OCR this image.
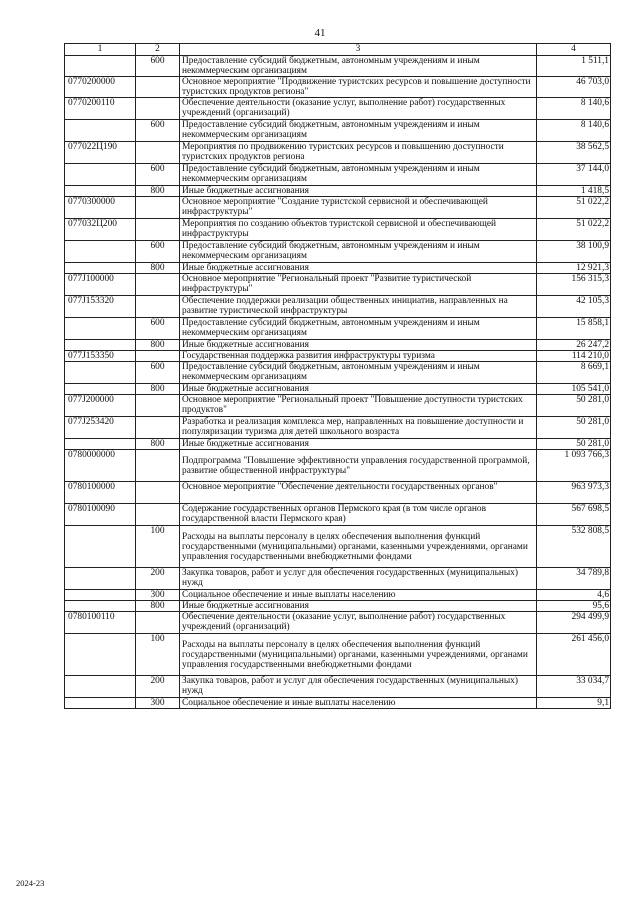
41
1	2	3	4
	600	Предоставление субсидий бюджетным, автономным учреждениям и иным некоммерческим организациям	1 511,1
0770200000		Основное мероприятие "Продвижение туристских ресурсов и повышение доступности туристских продуктов региона"	46 703,0
0770200110		Обеспечение деятельности (оказание услуг, выполнение работ) государственных учреждений (организаций)	8 140,6
	600	Предоставление субсидий бюджетным, автономным учреждениям и иным некоммерческим организациям	8 140,6
077022Ц190		Мероприятия по продвижению туристских ресурсов и повышению доступности туристских продуктов региона	38 562,5
	600	Предоставление субсидий бюджетным, автономным учреждениям и иным некоммерческим организациям	37 144,0
	800	Иные бюджетные ассигнования	1 418,5
0770300000		Основное мероприятие "Создание туристской сервисной и обеспечивающей инфраструктуры"	51 022,2
077032Ц200		Мероприятия по созданию объектов туристской сервисной и обеспечивающей инфраструктуры	51 022,2
	600	Предоставление субсидий бюджетным, автономным учреждениям и иным некоммерческим организациям	38 100,9
	800	Иные бюджетные ассигнования	12 921,3
077J100000		Основное мероприятие "Региональный проект "Развитие туристической инфраструктуры"	156 315,3
077J153320		Обеспечение поддержки реализации общественных инициатив, направленных на развитие туристической инфраструктуры	42 105,3
	600	Предоставление субсидий бюджетным, автономным учреждениям и иным некоммерческим организациям	15 858,1
	800	Иные бюджетные ассигнования	26 247,2
077J153350		Государственная поддержка развития инфраструктуры туризма	114 210,0
	600	Предоставление субсидий бюджетным, автономным учреждениям и иным некоммерческим организациям	8 669,1
	800	Иные бюджетные ассигнования	105 541,0
077J200000		Основное мероприятие "Региональный проект "Повышение доступности туристских продуктов"	50 281,0
077J253420		Разработка и реализация комплекса мер, направленных на повышение доступности и популяризации туризма для детей школьного возраста	50 281,0
	800	Иные бюджетные ассигнования	50 281,0
0780000000		Подпрограмма "Повышение эффективности управления государственной программой, развитие общественной инфраструктуры"	1 093 766,3
0780100000		Основное мероприятие "Обеспечение деятельности государственных органов"	963 973,3
0780100090		Содержание государственных органов Пермского края (в том числе органов государственной власти Пермского края)	567 698,5
	100	Расходы на выплаты персоналу в целях обеспечения выполнения функций государственными (муниципальными) органами, казенными учреждениями, органами управления государственными внебюджетными фондами	532 808,5
	200	Закупка товаров, работ и услуг для обеспечения государственных (муниципальных) нужд	34 789,8
	300	Социальное обеспечение и иные выплаты населению	4,6
	800	Иные бюджетные ассигнования	95,6
0780100110		Обеспечение деятельности (оказание услуг, выполнение работ) государственных учреждений (организаций)	294 499,9
	100	Расходы на выплаты персоналу в целях обеспечения выполнения функций государственными (муниципальными) органами, казенными учреждениями, органами управления государственными внебюджетными фондами	261 456,0
	200	Закупка товаров, работ и услуг для обеспечения государственных (муниципальных) нужд	33 034,7
	300	Социальное обеспечение и иные выплаты населению	9,1
2024-23
